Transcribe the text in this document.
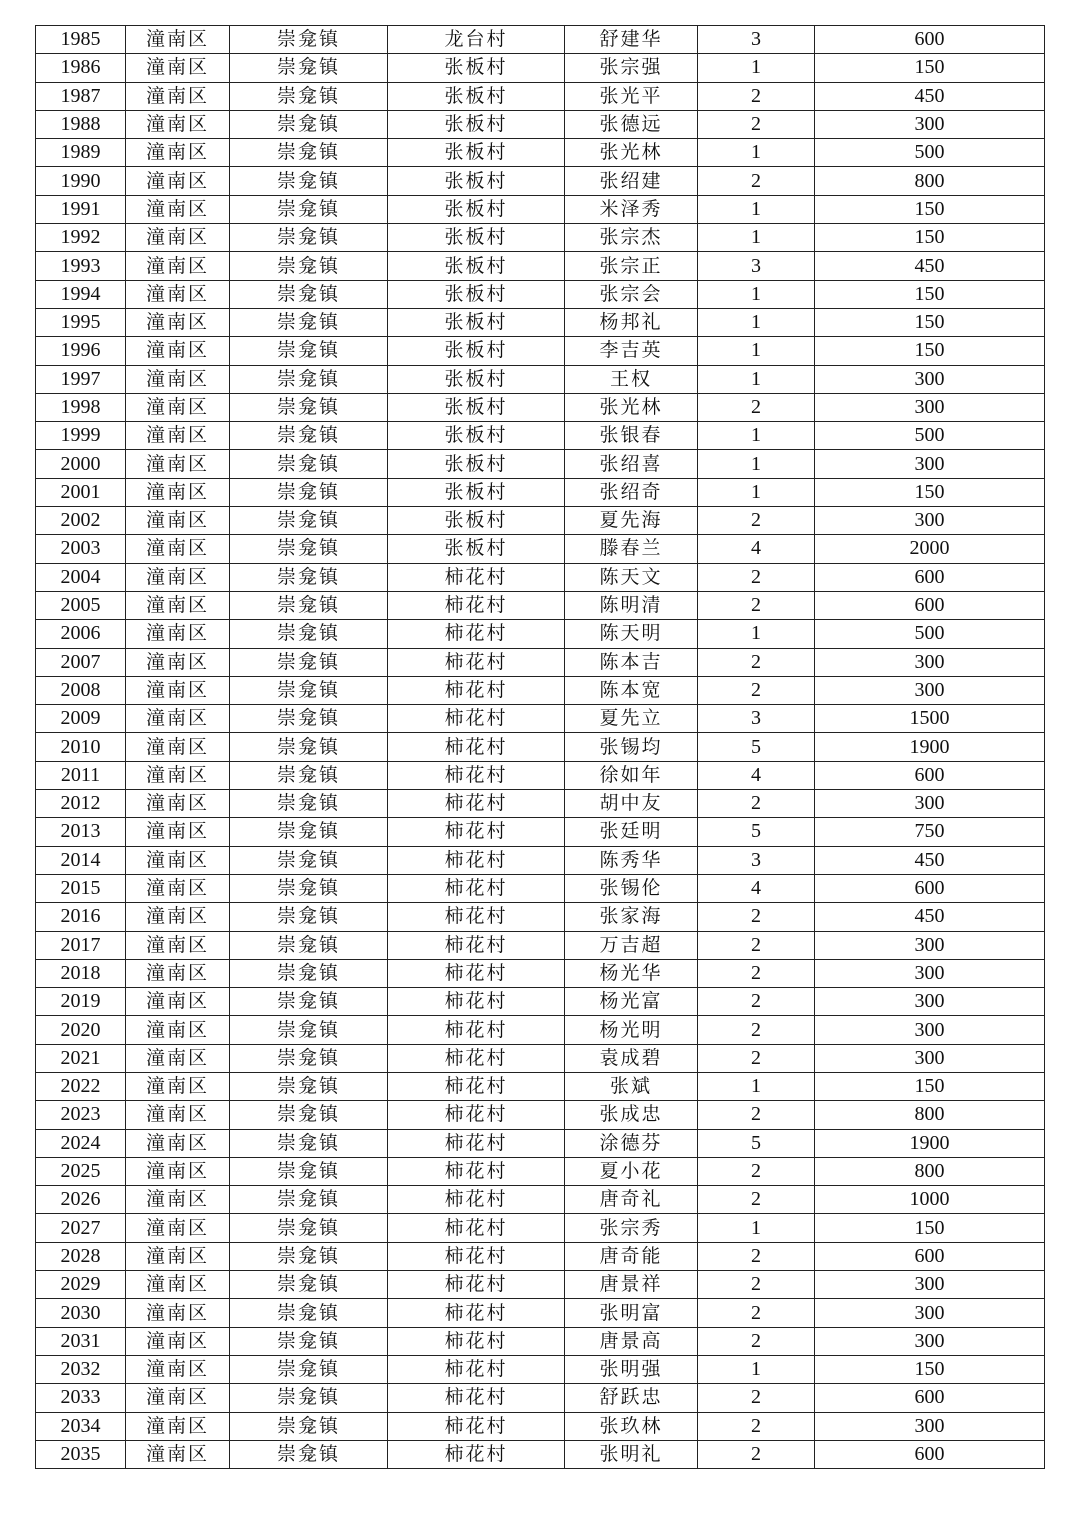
1985	潼南区	崇龛镇	龙台村	舒建华	3	600
1986	潼南区	崇龛镇	张板村	张宗强	1	150
1987	潼南区	崇龛镇	张板村	张光平	2	450
1988	潼南区	崇龛镇	张板村	张德远	2	300
1989	潼南区	崇龛镇	张板村	张光林	1	500
1990	潼南区	崇龛镇	张板村	张绍建	2	800
1991	潼南区	崇龛镇	张板村	米泽秀	1	150
1992	潼南区	崇龛镇	张板村	张宗杰	1	150
1993	潼南区	崇龛镇	张板村	张宗正	3	450
1994	潼南区	崇龛镇	张板村	张宗会	1	150
1995	潼南区	崇龛镇	张板村	杨邦礼	1	150
1996	潼南区	崇龛镇	张板村	李吉英	1	150
1997	潼南区	崇龛镇	张板村	王权	1	300
1998	潼南区	崇龛镇	张板村	张光林	2	300
1999	潼南区	崇龛镇	张板村	张银春	1	500
2000	潼南区	崇龛镇	张板村	张绍喜	1	300
2001	潼南区	崇龛镇	张板村	张绍奇	1	150
2002	潼南区	崇龛镇	张板村	夏先海	2	300
2003	潼南区	崇龛镇	张板村	滕春兰	4	2000
2004	潼南区	崇龛镇	柿花村	陈天文	2	600
2005	潼南区	崇龛镇	柿花村	陈明清	2	600
2006	潼南区	崇龛镇	柿花村	陈天明	1	500
2007	潼南区	崇龛镇	柿花村	陈本吉	2	300
2008	潼南区	崇龛镇	柿花村	陈本宽	2	300
2009	潼南区	崇龛镇	柿花村	夏先立	3	1500
2010	潼南区	崇龛镇	柿花村	张锡均	5	1900
2011	潼南区	崇龛镇	柿花村	徐如年	4	600
2012	潼南区	崇龛镇	柿花村	胡中友	2	300
2013	潼南区	崇龛镇	柿花村	张廷明	5	750
2014	潼南区	崇龛镇	柿花村	陈秀华	3	450
2015	潼南区	崇龛镇	柿花村	张锡伦	4	600
2016	潼南区	崇龛镇	柿花村	张家海	2	450
2017	潼南区	崇龛镇	柿花村	万吉超	2	300
2018	潼南区	崇龛镇	柿花村	杨光华	2	300
2019	潼南区	崇龛镇	柿花村	杨光富	2	300
2020	潼南区	崇龛镇	柿花村	杨光明	2	300
2021	潼南区	崇龛镇	柿花村	袁成碧	2	300
2022	潼南区	崇龛镇	柿花村	张斌	1	150
2023	潼南区	崇龛镇	柿花村	张成忠	2	800
2024	潼南区	崇龛镇	柿花村	涂德芬	5	1900
2025	潼南区	崇龛镇	柿花村	夏小花	2	800
2026	潼南区	崇龛镇	柿花村	唐奇礼	2	1000
2027	潼南区	崇龛镇	柿花村	张宗秀	1	150
2028	潼南区	崇龛镇	柿花村	唐奇能	2	600
2029	潼南区	崇龛镇	柿花村	唐景祥	2	300
2030	潼南区	崇龛镇	柿花村	张明富	2	300
2031	潼南区	崇龛镇	柿花村	唐景高	2	300
2032	潼南区	崇龛镇	柿花村	张明强	1	150
2033	潼南区	崇龛镇	柿花村	舒跃忠	2	600
2034	潼南区	崇龛镇	柿花村	张玖林	2	300
2035	潼南区	崇龛镇	柿花村	张明礼	2	600
